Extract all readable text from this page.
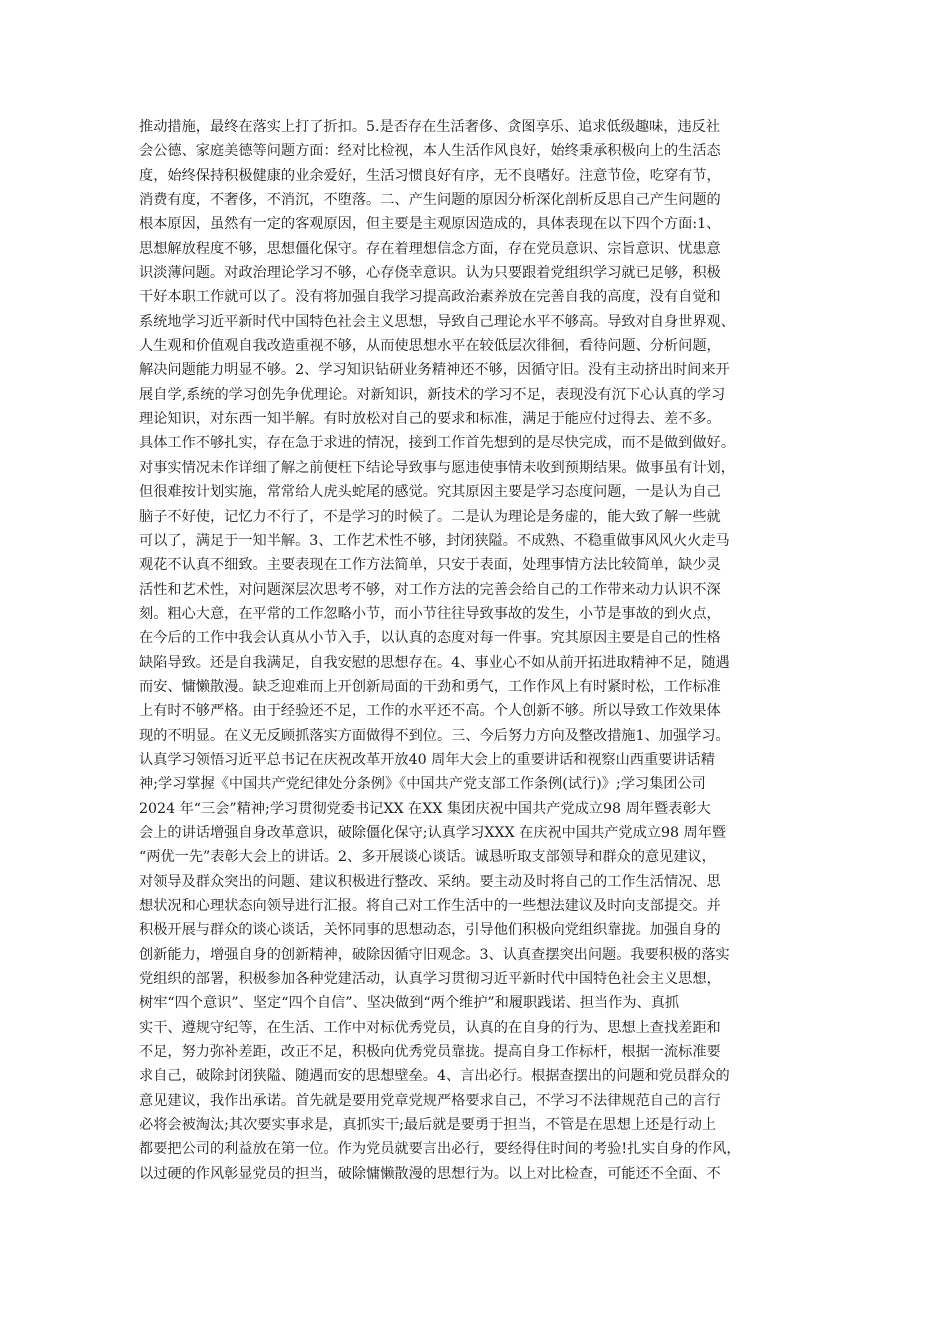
推动措施，最终在落实上打了折扣。5.是否存在生活奢侈、贪图享乐、追求低级趣味，违反社
会公德、家庭美德等问题方面：经对比检视，本人生活作风良好，始终秉承积极向上的生活态
度，始终保持积极健康的业余爱好，生活习惯良好有序，无不良嗜好。注意节俭，吃穿有节，
消费有度，不奢侈，不消沉，不堕落。二、产生问题的原因分析深化剖析反思自己产生问题的
根本原因，虽然有一定的客观原因，但主要是主观原因造成的，具体表现在以下四个方面:1、
思想解放程度不够，思想僵化保守。存在着理想信念方面，存在党员意识、宗旨意识、忧患意
识淡薄问题。对政治理论学习不够，心存侥幸意识。认为只要跟着党组织学习就已足够，积极
干好本职工作就可以了。没有将加强自我学习提高政治素养放在完善自我的高度，没有自觉和
系统地学习近平新时代中国特色社会主义思想，导致自己理论水平不够高。导致对自身世界观、
人生观和价值观自我改造重视不够，从而使思想水平在较低层次徘徊，看待问题、分析问题，
解决问题能力明显不够。2、学习知识钻研业务精神还不够，因循守旧。没有主动挤出时间来开
展自学,系统的学习创先争优理论。对新知识，新技术的学习不足，表现没有沉下心认真的学习
理论知识，对东西一知半解。有时放松对自己的要求和标准，满足于能应付过得去、差不多。
具体工作不够扎实，存在急于求进的情况，接到工作首先想到的是尽快完成，而不是做到做好。
对事实情况未作详细了解之前便枉下结论导致事与愿违使事情未收到预期结果。做事虽有计划，
但很难按计划实施，常常给人虎头蛇尾的感觉。究其原因主要是学习态度问题，一是认为自己
脑子不好使，记忆力不行了，不是学习的时候了。二是认为理论是务虚的，能大致了解一些就
可以了，满足于一知半解。3、工作艺术性不够，封闭狭隘。不成熟、不稳重做事风风火火走马
观花不认真不细致。主要表现在工作方法简单，只安于表面，处理事情方法比较简单，缺少灵
活性和艺术性，对问题深层次思考不够，对工作方法的完善会给自己的工作带来动力认识不深
刻。粗心大意，在平常的工作忽略小节，而小节往往导致事故的发生，小节是事故的到火点，
在今后的工作中我会认真从小节入手，以认真的态度对每一件事。究其原因主要是自己的性格
缺陷导致。还是自我满足，自我安慰的思想存在。4、事业心不如从前开拓进取精神不足，随遇
而安、慵懒散漫。缺乏迎难而上开创新局面的干劲和勇气，工作作风上有时紧时松，工作标准
上有时不够严格。由于经验还不足，工作的水平还不高。个人创新不够。所以导致工作效果体
现的不明显。在义无反顾抓落实方面做得不到位。三、今后努力方向及整改措施1、加强学习。
认真学习领悟习近平总书记在庆祝改革开放40 周年大会上的重要讲话和视察山西重要讲话精
神;学习掌握《中国共产党纪律处分条例》《中国共产党支部工作条例(试行)》;学习集团公司
2024 年“三会”精神;学习贯彻党委书记XX 在XX 集团庆祝中国共产党成立98 周年暨表彰大
会上的讲话增强自身改革意识，破除僵化保守;认真学习XXX 在庆祝中国共产党成立98 周年暨
“两优一先”表彰大会上的讲话。2、多开展谈心谈话。诚恳听取支部领导和群众的意见建议，
对领导及群众突出的问题、建议积极进行整改、采纳。要主动及时将自己的工作生活情况、思
想状况和心理状态向领导进行汇报。将自己对工作生活中的一些想法建议及时向支部提交。并
积极开展与群众的谈心谈话，关怀同事的思想动态，引导他们积极向党组织靠拢。加强自身的
创新能力，增强自身的创新精神，破除因循守旧观念。3、认真查摆突出问题。我要积极的落实
党组织的部署，积极参加各种党建活动，认真学习贯彻习近平新时代中国特色社会主义思想，
树牢“四个意识”、坚定“四个自信”、坚决做到“两个维护”和履职践诺、担当作为、真抓
实干、遵规守纪等，在生活、工作中对标优秀党员，认真的在自身的行为、思想上查找差距和
不足，努力弥补差距，改正不足，积极向优秀党员靠拢。提高自身工作标杆，根据一流标准要
求自己，破除封闭狭隘、随遇而安的思想壁垒。4、言出必行。根据查摆出的问题和党员群众的
意见建议，我作出承诺。首先就是要用党章党规严格要求自己，不学习不法律规范自己的言行
必将会被淘汰;其次要实事求是，真抓实干;最后就是要勇于担当，不管是在思想上还是行动上
都要把公司的利益放在第一位。作为党员就要言出必行，要经得住时间的考验!扎实自身的作风，
以过硬的作风彰显党员的担当，破除慵懒散漫的思想行为。以上对比检查，可能还不全面、不
